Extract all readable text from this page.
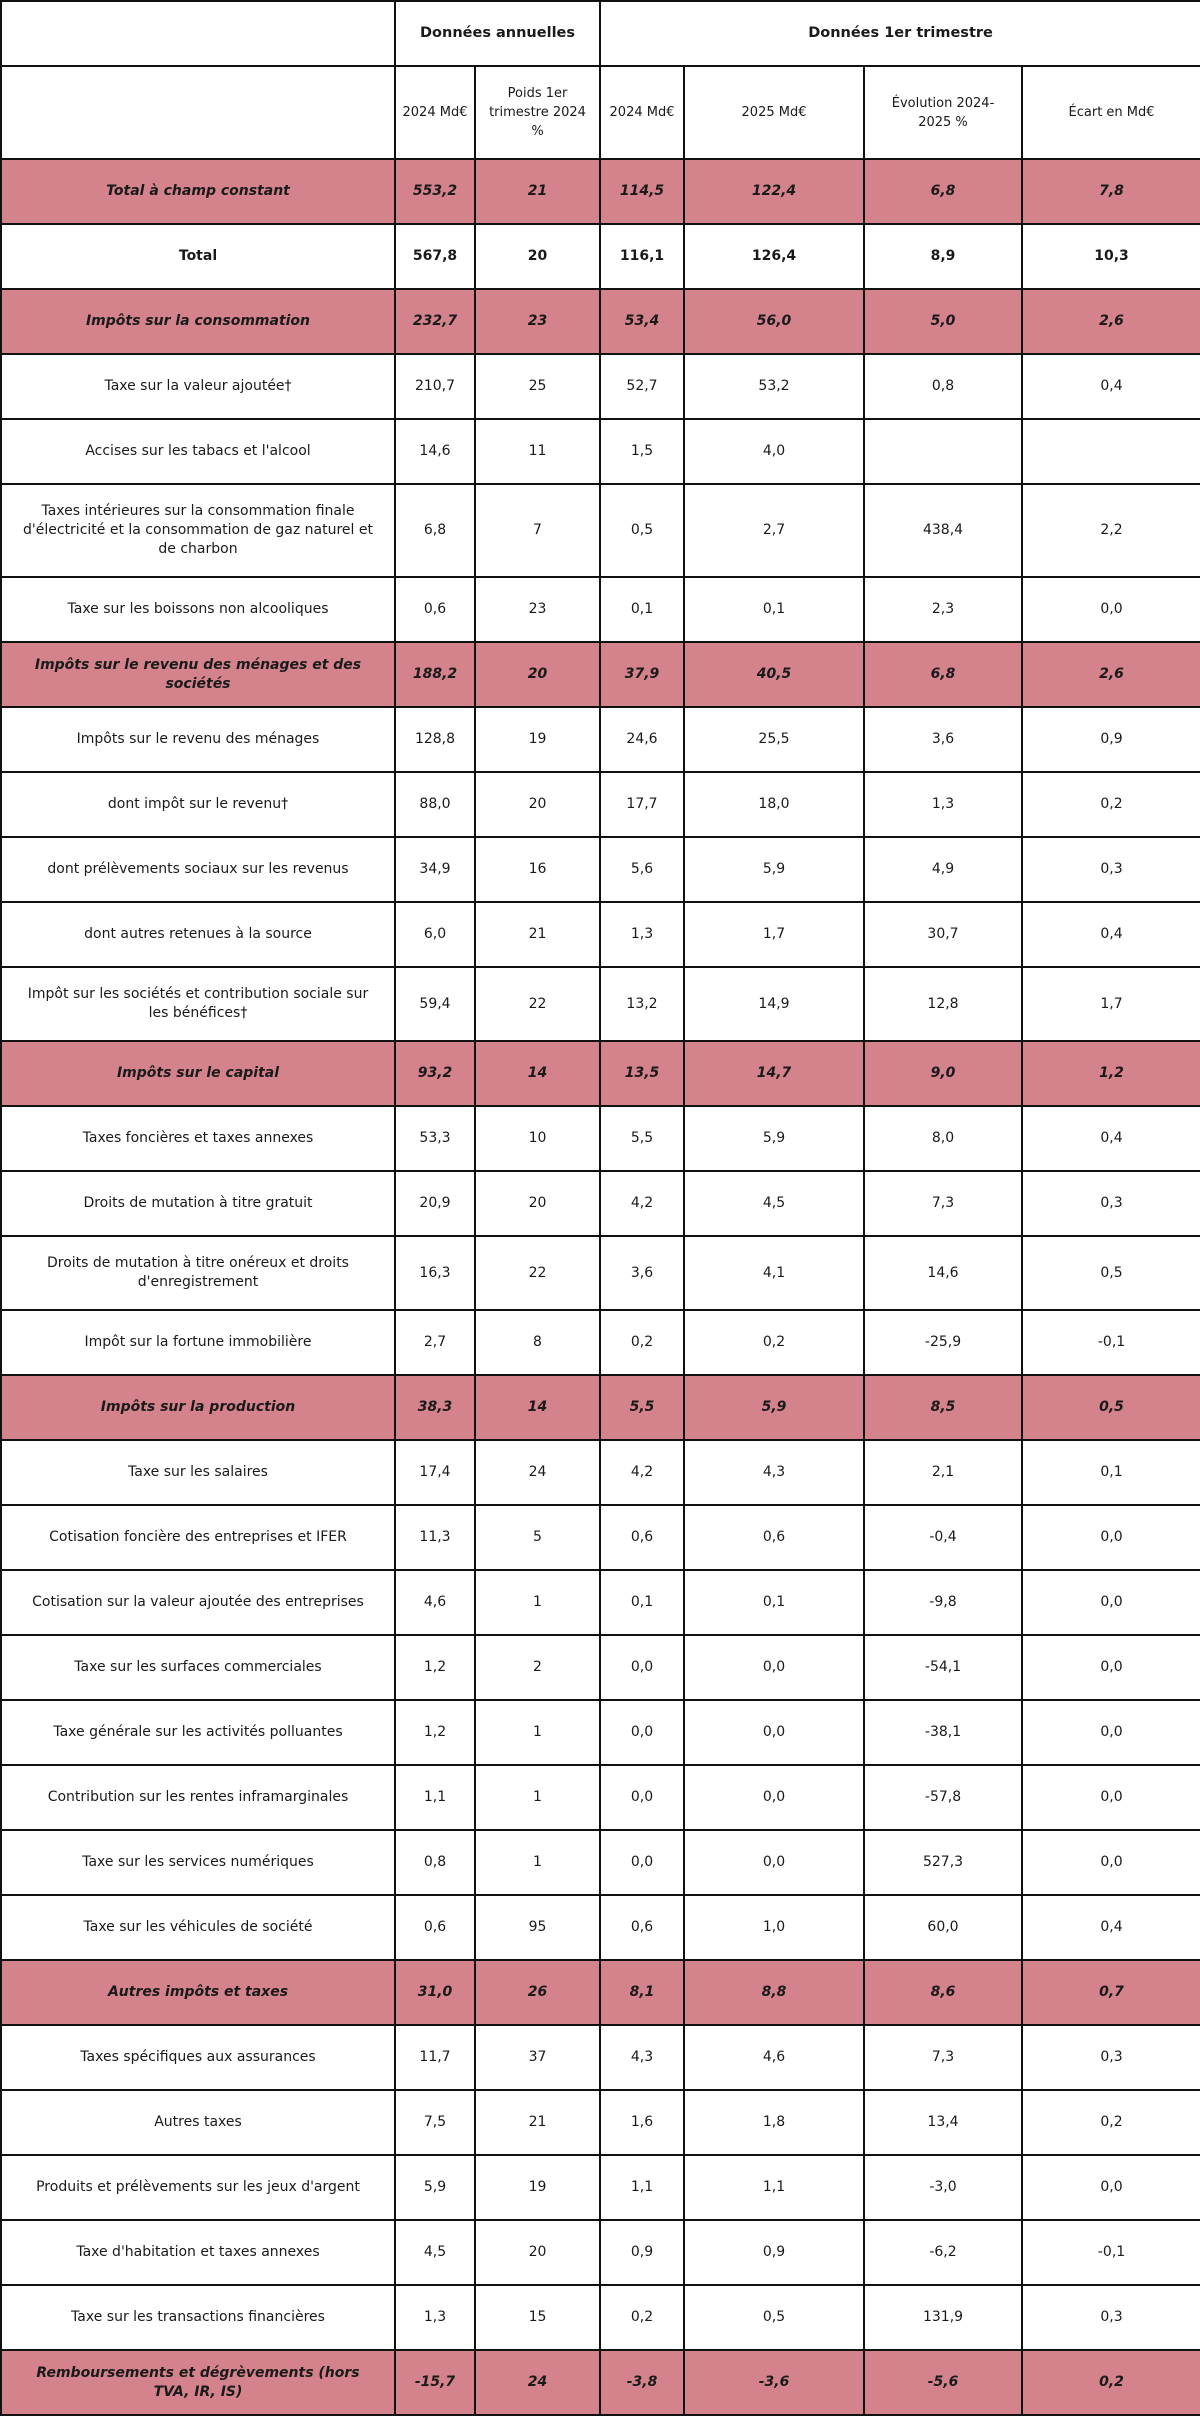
	Données annuelles		Données 1er trimestre			
	2024 Md€	Poids 1er trimestre 2024 %	2024 Md€	2025 Md€	Évolution 2024-2025 %	Écart en Md€
Total à champ constant	553,2	21	114,5	122,4	6,8	7,8
Total	567,8	20	116,1	126,4	8,9	10,3
Impôts sur la consommation	232,7	23	53,4	56,0	5,0	2,6
Taxe sur la valeur ajoutée†	210,7	25	52,7	53,2	0,8	0,4
Accises sur les tabacs et l'alcool	14,6	11	1,5	4,0		
Taxes intérieures sur la consommation finale d'électricité et la consommation de gaz naturel et de charbon	6,8	7	0,5	2,7	438,4	2,2
Taxe sur les boissons non alcooliques	0,6	23	0,1	0,1	2,3	0,0
Impôts sur le revenu des ménages et des sociétés	188,2	20	37,9	40,5	6,8	2,6
Impôts sur le revenu des ménages	128,8	19	24,6	25,5	3,6	0,9
dont impôt sur le revenu†	88,0	20	17,7	18,0	1,3	0,2
dont prélèvements sociaux sur les revenus	34,9	16	5,6	5,9	4,9	0,3
dont autres retenues à la source	6,0	21	1,3	1,7	30,7	0,4
Impôt sur les sociétés et contribution sociale sur les bénéfices†	59,4	22	13,2	14,9	12,8	1,7
Impôts sur le capital	93,2	14	13,5	14,7	9,0	1,2
Taxes foncières et taxes annexes	53,3	10	5,5	5,9	8,0	0,4
Droits de mutation à titre gratuit	20,9	20	4,2	4,5	7,3	0,3
Droits de mutation à titre onéreux et droits d'enregistrement	16,3	22	3,6	4,1	14,6	0,5
Impôt sur la fortune immobilière	2,7	8	0,2	0,2	-25,9	-0,1
Impôts sur la production	38,3	14	5,5	5,9	8,5	0,5
Taxe sur les salaires	17,4	24	4,2	4,3	2,1	0,1
Cotisation foncière des entreprises et IFER	11,3	5	0,6	0,6	-0,4	0,0
Cotisation sur la valeur ajoutée des entreprises	4,6	1	0,1	0,1	-9,8	0,0
Taxe sur les surfaces commerciales	1,2	2	0,0	0,0	-54,1	0,0
Taxe générale sur les activités polluantes	1,2	1	0,0	0,0	-38,1	0,0
Contribution sur les rentes inframarginales	1,1	1	0,0	0,0	-57,8	0,0
Taxe sur les services numériques	0,8	1	0,0	0,0	527,3	0,0
Taxe sur les véhicules de société	0,6	95	0,6	1,0	60,0	0,4
Autres impôts et taxes	31,0	26	8,1	8,8	8,6	0,7
Taxes spécifiques aux assurances	11,7	37	4,3	4,6	7,3	0,3
Autres taxes	7,5	21	1,6	1,8	13,4	0,2
Produits et prélèvements sur les jeux d'argent	5,9	19	1,1	1,1	-3,0	0,0
Taxe d'habitation et taxes annexes	4,5	20	0,9	0,9	-6,2	-0,1
Taxe sur les transactions financières	1,3	15	0,2	0,5	131,9	0,3
Remboursements et dégrèvements (hors TVA, IR, IS)	-15,7	24	-3,8	-3,6	-5,6	0,2
